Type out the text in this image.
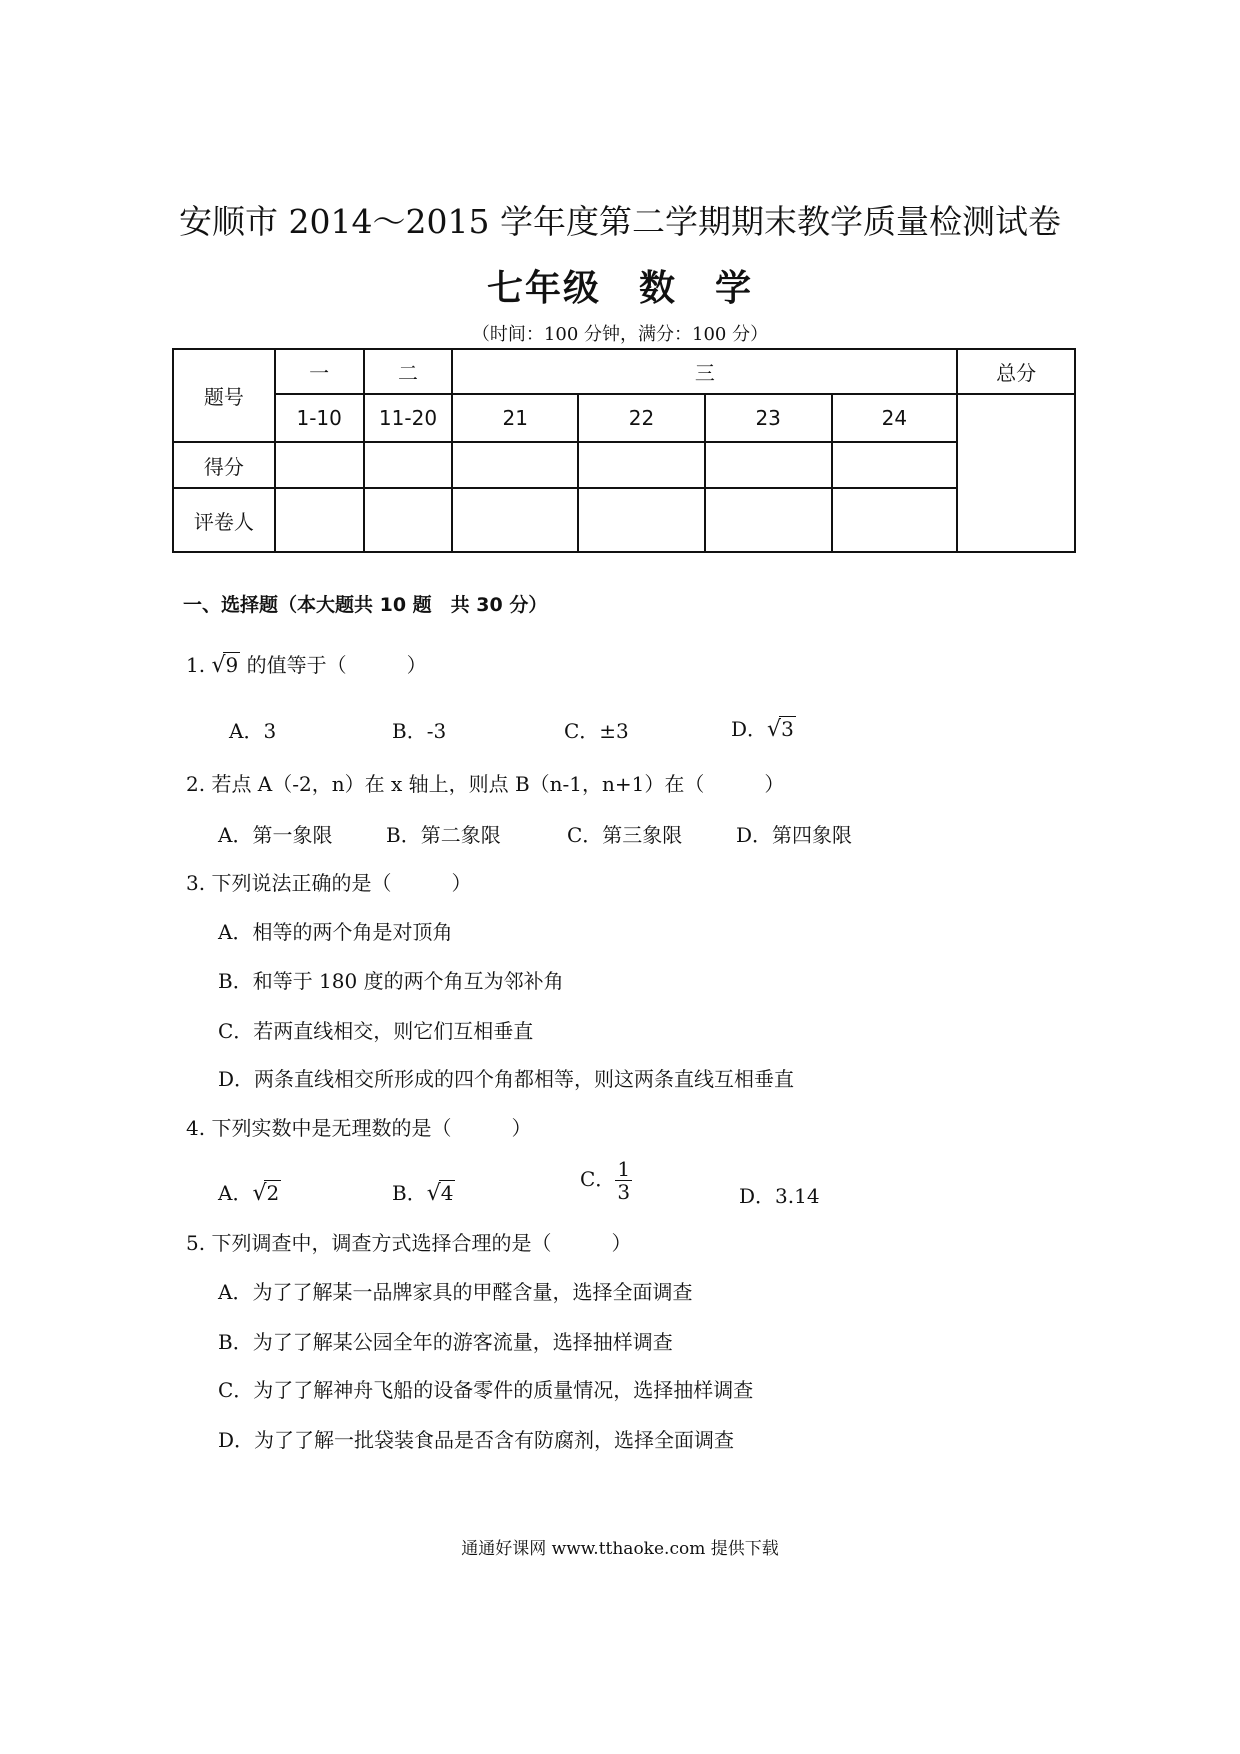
安顺市 2014～2015 学年度第二学期期末教学质量检测试卷
七年级　数　学
（时间：100 分钟，满分：100 分）
题号	一	二	三				总分
	1-10	11-20	21	22	23	24	
得分							
评卷人							
一、选择题（本大题共 10 题　共 30 分）
1. √9 的值等于（　　　）
A．3	B．-3	C．±3	D．√3
2. 若点 A（-2，n）在 x 轴上，则点 B（n-1，n+1）在（　　　）
A．第一象限	B．第二象限	C．第三象限	D．第四象限
3. 下列说法正确的是（　　　）
A．相等的两个角是对顶角
B．和等于 180 度的两个角互为邻补角
C．若两直线相交，则它们互相垂直
D．两条直线相交所形成的四个角都相等，则这两条直线互相垂直
4. 下列实数中是无理数的是（　　　）
A．√2	B．√4
C． $\frac{1}{3}$	D．3.14
5. 下列调查中，调查方式选择合理的是（　　　）
A．为了了解某一品牌家具的甲醛含量，选择全面调查
B．为了了解某公园全年的游客流量，选择抽样调查
C．为了了解神舟飞船的设备零件的质量情况，选择抽样调查
D．为了了解一批袋装食品是否含有防腐剂，选择全面调查
通通好课网 www.tthaoke.com 提供下载
